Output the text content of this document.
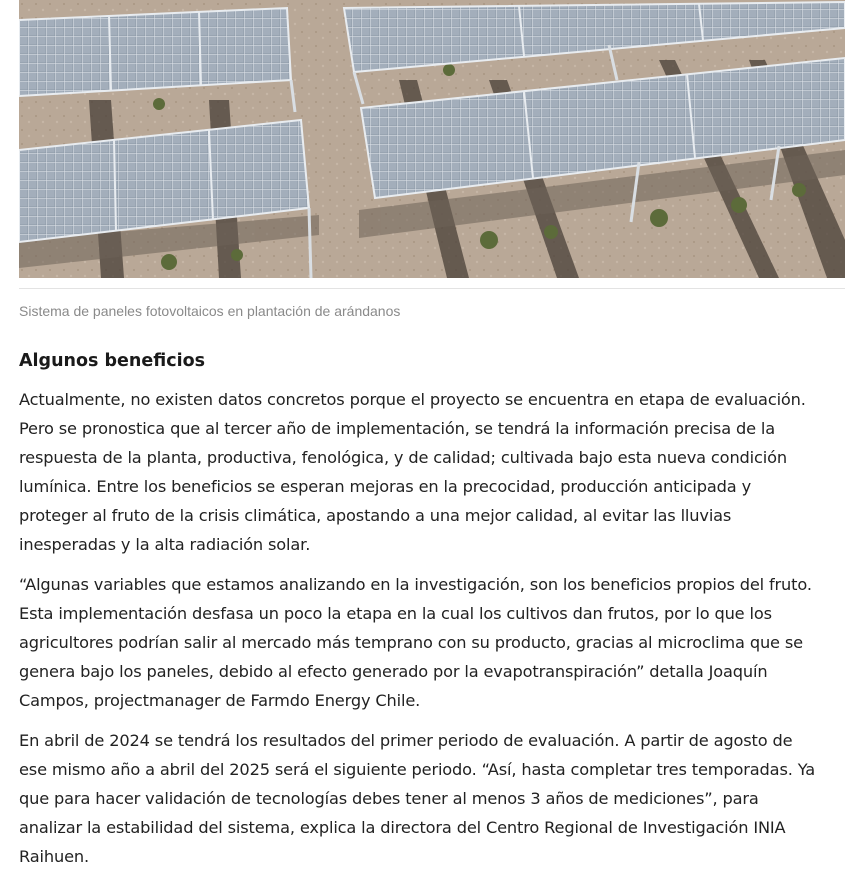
Sistema de paneles fotovoltaicos en plantación de arándanos
Algunos beneficios

Actualmente, no existen datos concretos porque el proyecto se encuentra en etapa de evaluación.
Pero se pronostica que al tercer año de implementación, se tendrá la información precisa de la
respuesta de la planta, productiva, fenológica, y de calidad; cultivada bajo esta nueva condición
lumínica. Entre los beneficios se esperan mejoras en la precocidad, producción anticipada y
proteger al fruto de la crisis climática, apostando a una mejor calidad, al evitar las lluvias
inesperadas y la alta radiación solar.

“Algunas variables que estamos analizando en la investigación, son los beneficios propios del fruto.
Esta implementación desfasa un poco la etapa en la cual los cultivos dan frutos, por lo que los
agricultores podrían salir al mercado más temprano con su producto, gracias al microclima que se
genera bajo los paneles, debido al efecto generado por la evapotranspiración” detalla Joaquín
Campos, projectmanager de Farmdo Energy Chile.

En abril de 2024 se tendrá los resultados del primer periodo de evaluación. A partir de agosto de
ese mismo año a abril del 2025 será el siguiente periodo. “Así, hasta completar tres temporadas. Ya
que para hacer validación de tecnologías debes tener al menos 3 años de mediciones”, para
analizar la estabilidad del sistema, explica la directora del Centro Regional de Investigación INIA
Raihuen.
